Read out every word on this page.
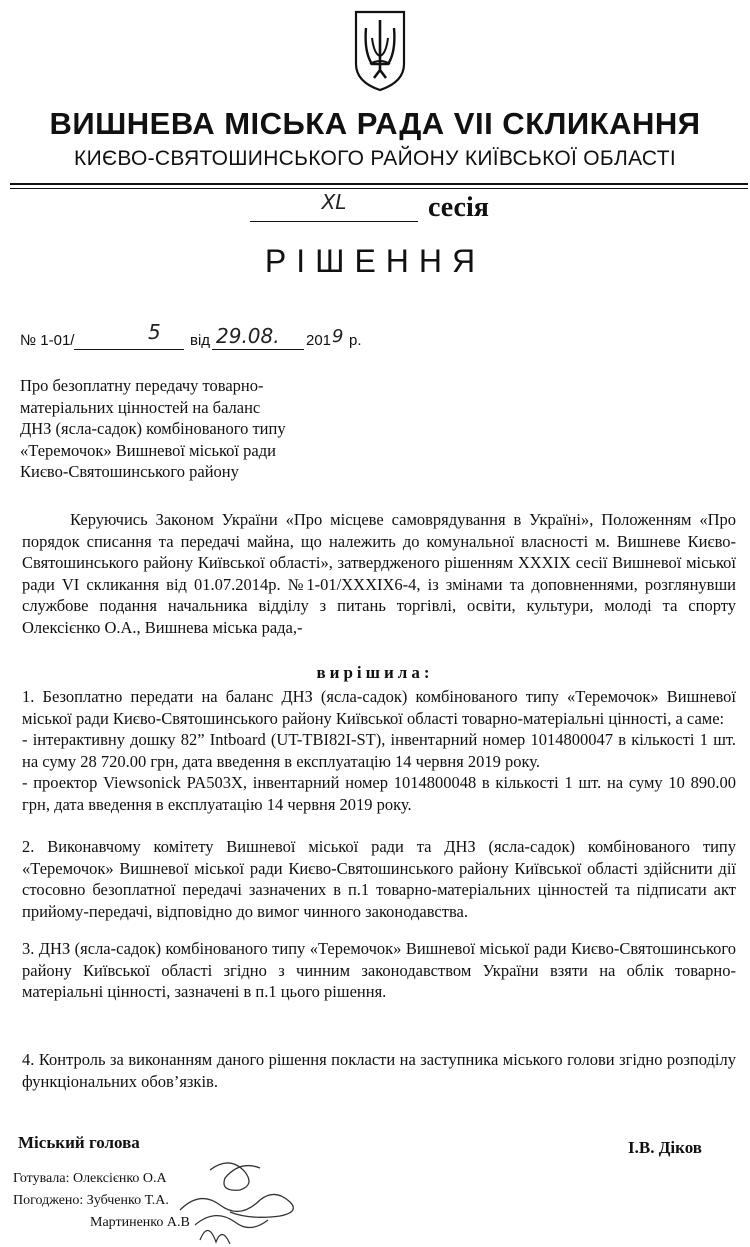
ВИШНЕВА МІСЬКА РАДА VII СКЛИКАННЯ
КИЄВО-СВЯТОШИНСЬКОГО РАЙОНУ КИЇВСЬКОЇ ОБЛАСТІ
XL	сесія
РІШЕННЯ
№ 1-01/	5 від 29.08. 201 9 р.
Про безоплатну передачу товарно-
матеріальних цінностей на баланс
ДНЗ (ясла-садок) комбінованого типу
«Теремочок» Вишневої міської ради
Києво-Святошинського району
Керуючись Законом України «Про місцеве самоврядування в Україні», Положенням «Про порядок списання та передачі майна, що належить до комунальної власності м. Вишневе Києво-Святошинського району Київської області», затвердженого рішенням XXXIX сесії Вишневої міської ради VI скликання від 01.07.2014р. №1-01/XXXIX6-4, із змінами та доповненнями, розглянувши службове подання начальника відділу з питань торгівлі, освіти, культури, молоді та спорту Олексієнко О.А., Вишнева міська рада,-
вирішила:
1. Безоплатно передати на баланс ДНЗ (ясла-садок) комбінованого типу «Теремочок» Вишневої міської ради Києво-Святошинського району Київської області товарно-матеріальні цінності, а саме:
- інтерактивну дошку 82” Intboard (UT-TBI82I-ST), інвентарний номер 1014800047 в кількості 1 шт. на суму 28 720.00 грн, дата введення в експлуатацію 14 червня 2019 року.
- проектор Viewsonick PA503X, інвентарний номер 1014800048 в кількості 1 шт. на суму 10 890.00 грн, дата введення в експлуатацію 14 червня 2019 року.
2. Виконавчому комітету Вишневої міської ради та ДНЗ (ясла-садок) комбінованого типу «Теремочок» Вишневої міської ради Києво-Святошинського району Київської області здійснити дії стосовно безоплатної передачі зазначених в п.1 товарно-матеріальних цінностей та підписати акт прийому-передачі, відповідно до вимог чинного законодавства.
3. ДНЗ (ясла-садок) комбінованого типу «Теремочок» Вишневої міської ради Києво-Святошинського району Київської області згідно з чинним законодавством України взяти на облік товарно-матеріальні цінності, зазначені в п.1 цього рішення.
4. Контроль за виконанням даного рішення покласти на заступника міського голови згідно розподілу функціональних обов’язків.
Міський голова	І.В. Діков
Готувала: Олексієнко О.А
Погоджено: Зубченко Т.А.
Мартиненко А.В
